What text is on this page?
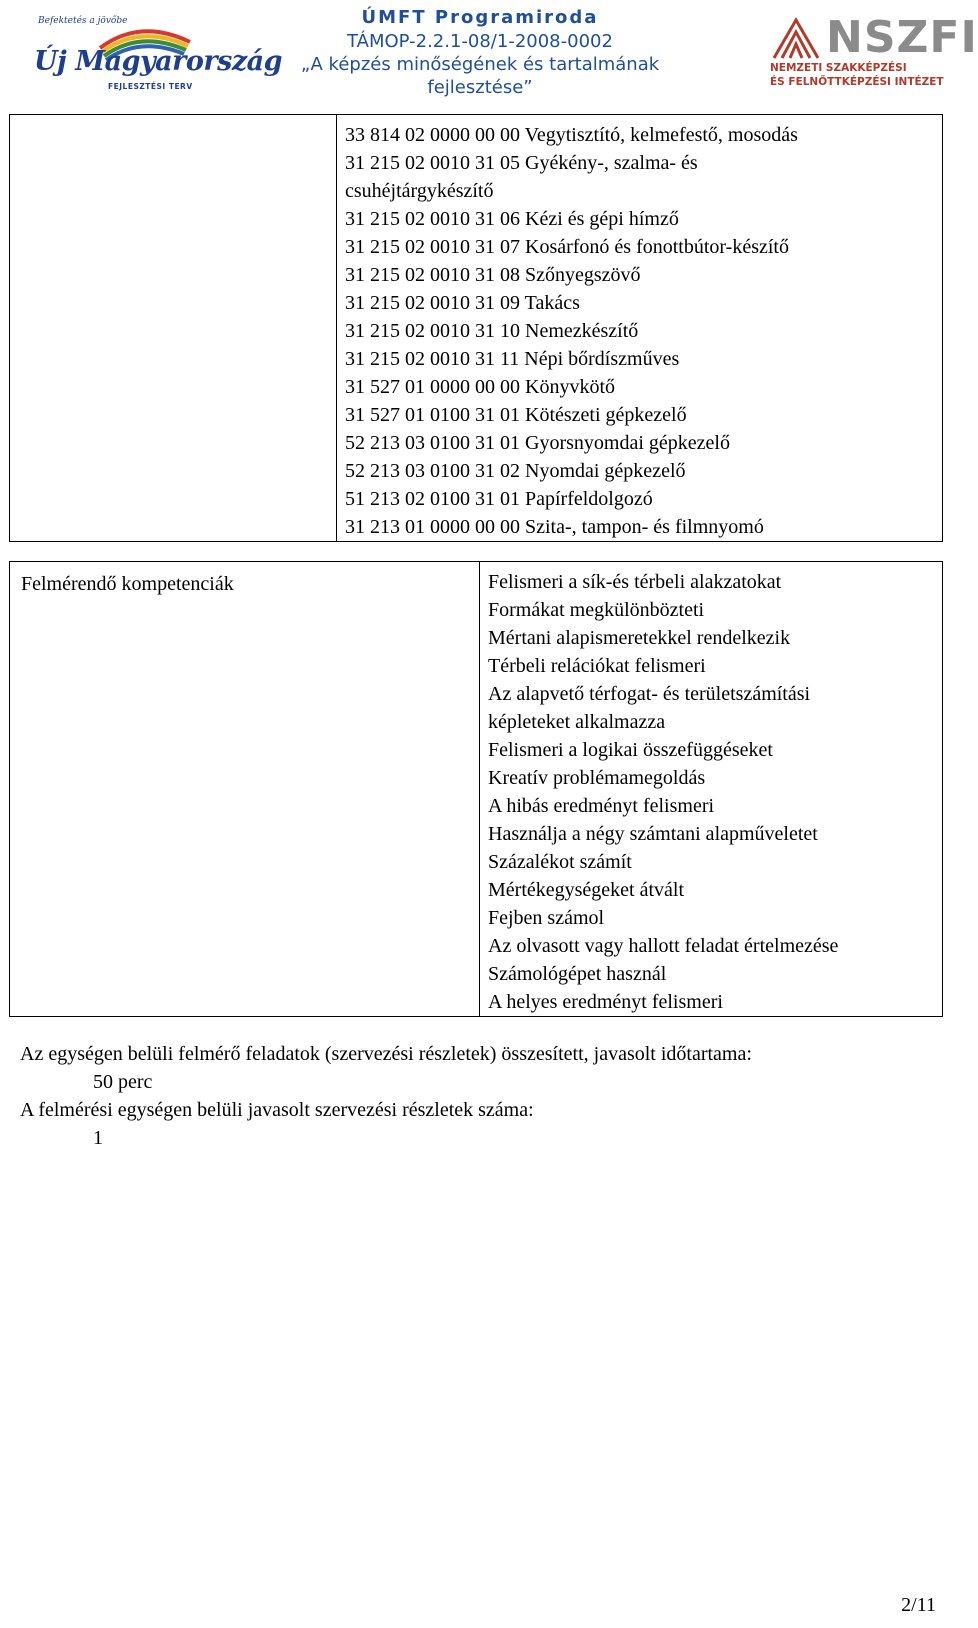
Befektetés a jövőbe
Új Magyarország
FEJLESZTÉSI TERV
ÚMFT Programiroda
TÁMOP-2.2.1-08/1-2008-0002
„A képzés minőségének és tartalmának
fejlesztése”
NSZFI
NEMZETI SZAKKÉPZÉSI
ÉS FELNŐTTKÉPZÉSI INTÉZET

33 814 02 0000 00 00 Vegytisztító, kelmefestő, mosodás
31 215 02 0010 31 05 Gyékény-, szalma- és
csuhéjtárgykészítő
31 215 02 0010 31 06 Kézi és gépi hímző
31 215 02 0010 31 07 Kosárfonó és fonottbútor-készítő
31 215 02 0010 31 08 Szőnyegszövő
31 215 02 0010 31 09 Takács
31 215 02 0010 31 10 Nemezkészítő
31 215 02 0010 31 11 Népi bőrdíszműves
31 527 01 0000 00 00 Könyvkötő
31 527 01 0100 31 01 Kötészeti gépkezelő
52 213 03 0100 31 01 Gyorsnyomdai gépkezelő
52 213 03 0100 31 02 Nyomdai gépkezelő
51 213 02 0100 31 01 Papírfeldolgozó
31 213 01 0000 00 00 Szita-, tampon- és filmnyomó
Felmérendő kompetenciák	Felismeri a sík-és térbeli alakzatokat
Formákat megkülönbözteti
Mértani alapismeretekkel rendelkezik
Térbeli relációkat felismeri
Az alapvető térfogat- és területszámítási
képleteket alkalmazza
Felismeri a logikai összefüggéseket
Kreatív problémamegoldás
A hibás eredményt felismeri
Használja a négy számtani alapműveletet
Százalékot számít
Mértékegységeket átvált
Fejben számol
Az olvasott vagy hallott feladat értelmezése
Számológépet használ
A helyes eredményt felismeri
Az egységen belüli felmérő feladatok (szervezési részletek) összesített, javasolt időtartama:
50 perc
A felmérési egységen belüli javasolt szervezési részletek száma:
1
2/11
